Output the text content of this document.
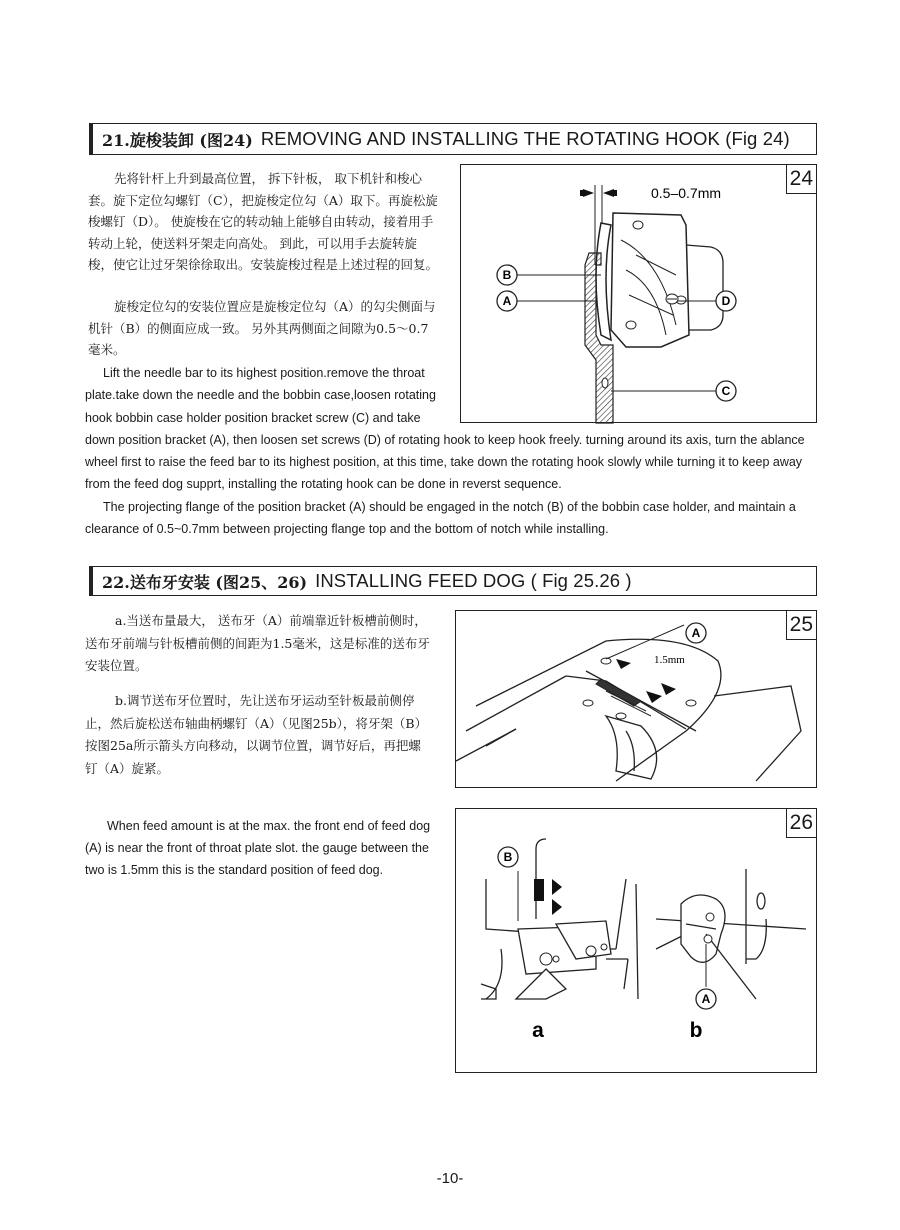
21.旋梭装卸 (图24) REMOVING AND INSTALLING THE ROTATING HOOK (Fig 24)

先将针杆上升到最高位置， 拆下针板， 取下机针和梭心套。旋下定位勾螺钉（C），把旋梭定位勾（A）取下。再旋松旋梭螺钉（D）。 使旋梭在它的转动轴上能够自由转动，接着用手转动上轮，使送料牙架走向高处。 到此，可以用手去旋转旋梭，使它让过牙架徐徐取出。安装旋梭过程是上述过程的回复。

旋梭定位勾的安装位置应是旋梭定位勾（A）的勾尖侧面与机针（B）的侧面应成一致。 另外其两侧面之间隙为0.5～0.7毫米。

Lift the needle bar to its highest position.remove the throat plate.take down the needle and the bobbin case,loosen rotating hook bobbin case holder position bracket screw (C) and take down position bracket (A), then loosen set screws (D) of rotating hook to keep hook freely. turning around its axis, turn the ablance wheel first to raise the feed bar to its highest position, at this time, take down the rotating hook slowly while turning it to keep away from the feed dog supprt, installing the rotating hook can be done in reverst sequence.

The projecting flange of the position bracket (A) should be engaged in the notch (B) of the bobbin case holder, and maintain a clearance of 0.5~0.7mm between projecting flange top and the bottom of notch while installing.

24
0.5–0.7mm
B
A	D
C
22.送布牙安装 (图25、26) INSTALLING FEED DOG ( Fig 25.26 )

a.当送布量最大， 送布牙（A）前端靠近针板槽前侧时，送布牙前端与针板槽前侧的间距为1.5毫米，这是标准的送布牙安装位置。

b.调节送布牙位置时，先让送布牙运动至针板最前侧停止，然后旋松送布轴曲柄螺钉（A）（见图25b），将牙架（B）按图25a所示箭头方向移动，以调节位置，调节好后，再把螺钉（A）旋紧。

When feed amount is at the max. the front end of feed dog

(A) is near the front of throat plate slot. the gauge between the two is 1.5mm this is the standard position of feed dog.

25
A
1.5mm
26
B
a
A
b
-10-
